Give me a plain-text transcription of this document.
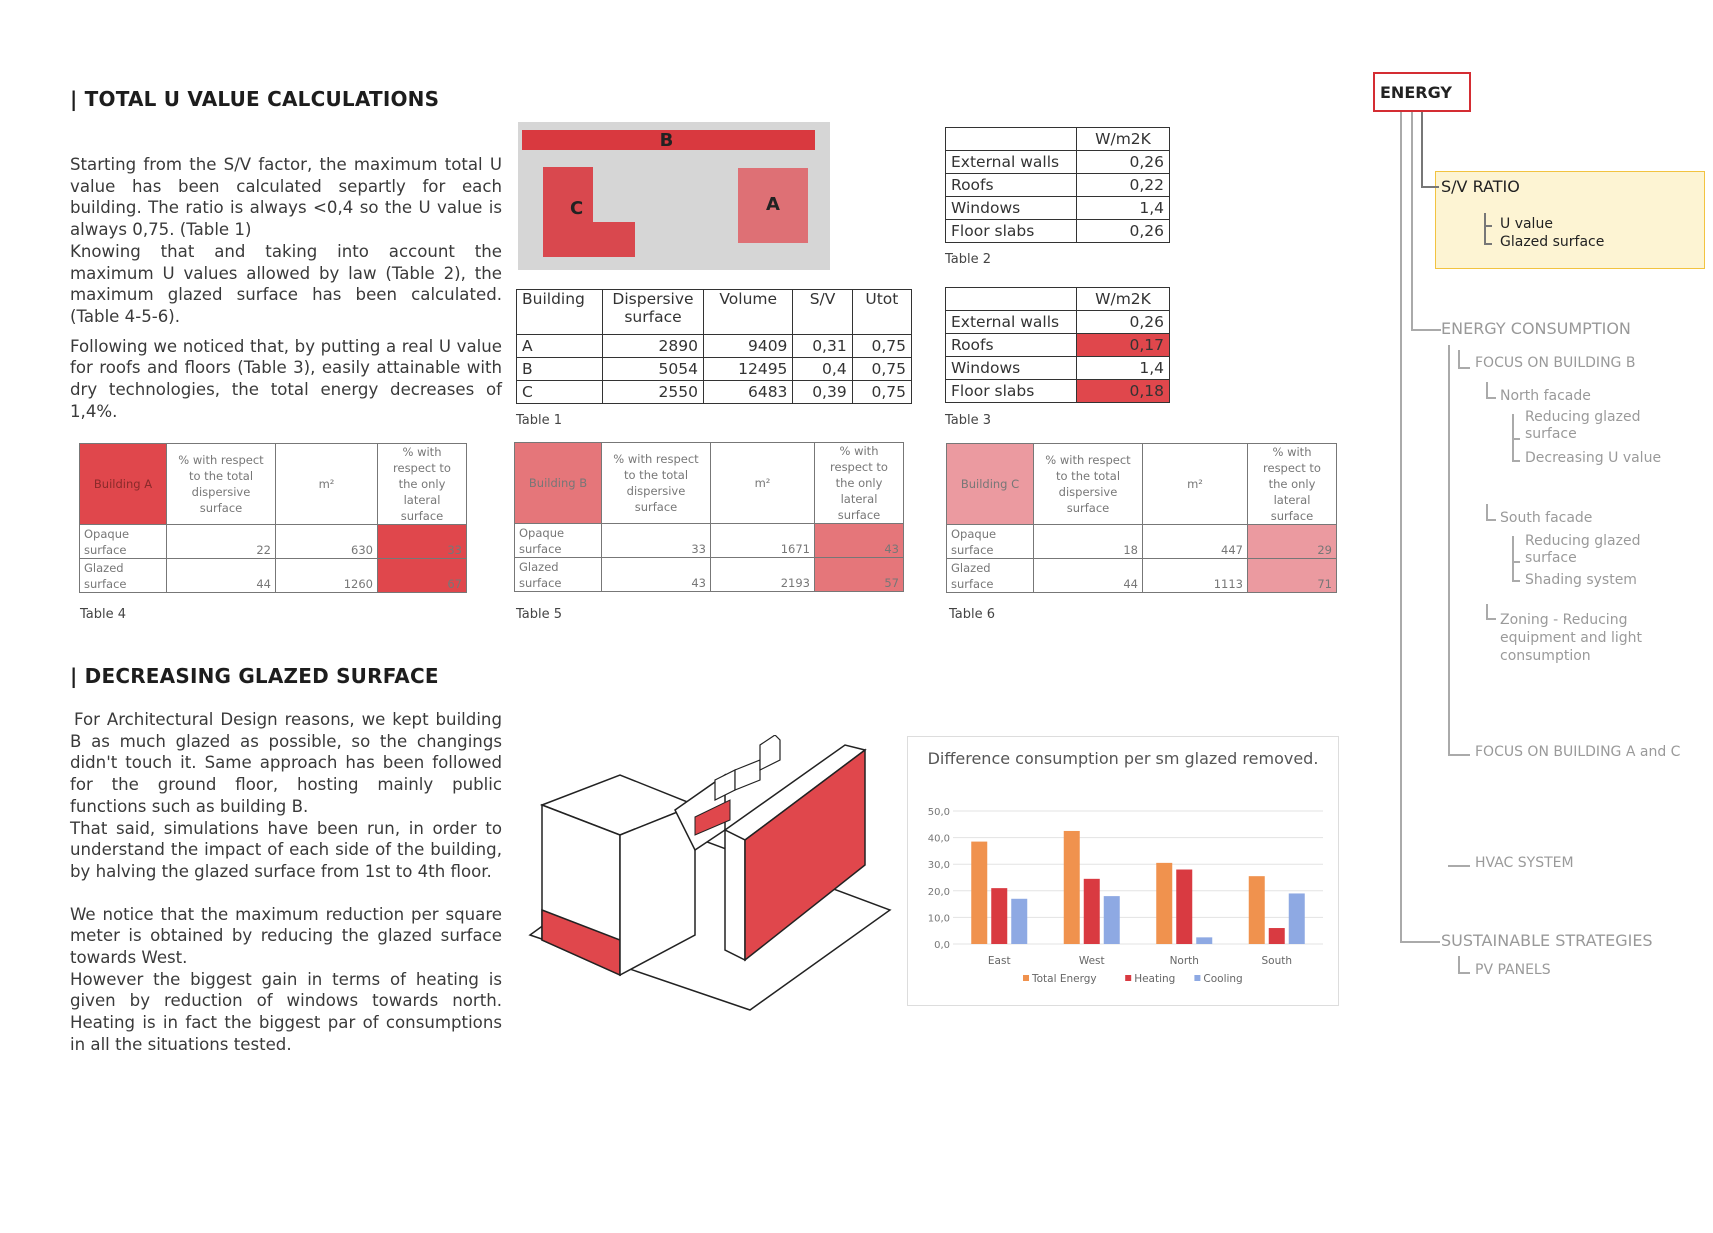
| TOTAL U VALUE CALCULATIONS

Starting from the S/V factor, the maximum total U value has been calculated separtly for each building. The ratio is always <0,4 so the U value is always 0,75. (Table 1)

Knowing that and taking into account the maximum U values allowed by law (Table 2), the maximum glazed surface has been calculated. (Table 4-5-6).

Following we noticed that, by putting a real U value for roofs and floors (Table 3), easily attainable with dry technologies, the total energy decreases of 1,4%.

B
C	A
Building	Dispersive surface	Volume	S/V	Utot
A	2890	9409	0,31	0,75
B	5054	12495	0,4	0,75
C	2550	6483	0,39	0,75
Table 1
	W/m2K
External walls	0,26
Roofs	0,22
Windows	1,4
Floor slabs	0,26
Table 2
	W/m2K
External walls	0,26
Roofs	0,17
Windows	1,4
Floor slabs	0,18
Table 3
Building A	% with respect to the total dispersive surface	m²	% with respect to the only lateral surface
Opaque surface	22	630	33
Glazed surface	44	1260	67
Table 4
Building B	% with respect to the total dispersive surface	m²	% with respect to the only lateral surface
Opaque surface	33	1671	43
Glazed surface	43	2193	57
Table 5
Building C	% with respect to the total dispersive surface	m²	% with respect to the only lateral surface
Opaque surface	18	447	29
Glazed surface	44	1113	71
Table 6
| DECREASING GLAZED SURFACE

For Architectural Design reasons, we kept building B as much glazed as possible, so the changings didn't touch it. Same approach has been followed for the ground floor, hosting mainly public functions such as building B.

That said, simulations have been run, in order to understand the impact of each side of the building, by halving the glazed surface from 1st to 4th floor.

We notice that the maximum reduction per square meter is obtained by reducing the glazed surface towards West.

However the biggest gain in terms of heating is given by reduction of windows towards north. Heating is in fact the biggest par of consumptions in all the situations tested.

Difference consumption per sm glazed removed.
0,0
10,0
20,0
30,0
40,0
50,0
East	West	North	South
Total Energy	Heating	Cooling
ENERGY
S/V RATIO
U value
Glazed surface
ENERGY CONSUMPTION
FOCUS ON BUILDING B
North facade
Reducing glazed surface
Decreasing U value
South facade
Reducing glazed surface
Shading system
Zoning - Reducing equipment and light consumption
FOCUS ON BUILDING A and C
HVAC SYSTEM
SUSTAINABLE STRATEGIES
PV PANELS
